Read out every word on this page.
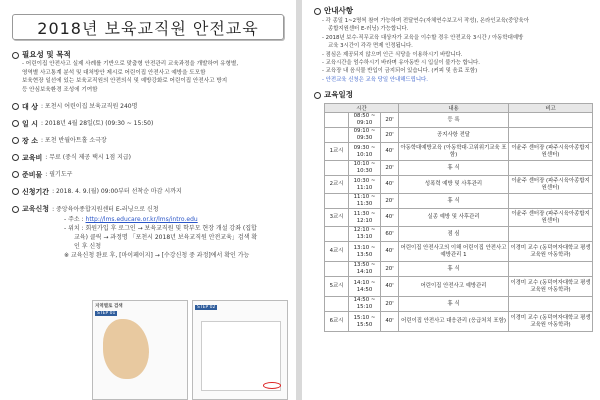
2018년 보육교직원 안전교육
필요성 및 목적
- 어린이집 안전사고 실제 사례를 기반으로 맞춤형 안전관리 교육과정을 개발하여 유형별,
영역별 사고통계 분석 및 대처방안 제시로 어린이집 안전사고 예방을 도모함
보육현장 일선에 있는 보육교직원의 안전의식 및 예방강화로 어린이집 안전사고 방지
등 안심보육환경 조성에 기여함
대 상 : 포천시 어린이집 보육교직원 240명
일 시 : 2018년 4월 28일(토) (09:30 ~ 15:50)
장 소 : 포천 반월아트홀 소극장
교육비 : 무료 (중식 제공 택시 1점 지급)
준비물 : 필기도구
신청기간 : 2018. 4. 9.(월) 09:00부터 선착순 마감 시까지
교육신청 : 중앙육아종합지원센터 E-러닝으로 신청
- 주소 : http://lms.educare.or.kr/lms/intro.edu
- 위치 : 회원가입 후 로그인 → 보육교직원 및 학부모 현장 개설 강좌 (집합
교육) 클릭 → 과정명 「포천시 2018년 보육교직원 안전교육」검색 확
인 후 신청
※ 교육신청 완료 후, [마이페이지] → [수강신청 중 과정]에서 확인 가능
지역별로 검색
STEP 01
STEP 02
안내사항
- 각 종일 1~2명씩 참여 가능하며 전달연수(자체연수보고서 작성), 온라인교육(중앙육아
종합지원센터 E-러닝) 가능합니다.
- 2018년 보수·직무교육 대상자가 교육을 이수할 경우 안전교육 3시간 / 아동학대예방
교육 3시간이 각각 면제 인정됩니다.
- 점심은 제공되지 않으며 인근 식당을 이용하시기 바랍니다.
- 교육시간을 엄수하시기 바라며 유아동반 시 입실이 불가능 합니다.
- 교육장 내 음식물 반입이 금지되어 있습니다. (커피 및 음료 포함)
- 안전교육 신청은 교육 당일 안내해드립니다.
교육일정
시간			내용	비고
	08:50 ~ 09:10	20'	등 록	
	09:10 ~ 09:30	20'	공지사항 전달	
1교시	09:30 ~ 10:10	40'	아동학대예방교육 (아동학대·고위위기교육 포함)	이윤주 센터장 (파주시육아종합지원센터)
	10:10 ~ 10:30	20'	휴 식	
2교시	10:30 ~ 11:10	40'	성폭력 예방 및 사후관리	이윤주 센터장 (파주시육아종합지원센터)
	11:10 ~ 11:30	20'	휴 식	
3교시	11:30 ~ 12:10	40'	실종 예방 및 사후관리	이윤주 센터장 (파주시육아종합지원센터)
	12:10 ~ 13:10	60'	점 심	
4교시	13:10 ~ 13:50	40'	어린이집 안전사고의 이해 어린이집 안전사고 예방관리 1	이경미 교수 (동덕여자대학교 평생교육원 아동학과)
	13:50 ~ 14:10	20'	휴 식	
5교시	14:10 ~ 14:50	40'	어린이집 안전사고 예방관리	이경미 교수 (동덕여자대학교 평생교육원 아동학과)
	14:50 ~ 15:10	20'	휴 식	
6교시	15:10 ~ 15:50	40'	어린이집 안전사고 대응관리 (응급처치 포함)	이경미 교수 (동덕여자대학교 평생교육원 아동학과)
